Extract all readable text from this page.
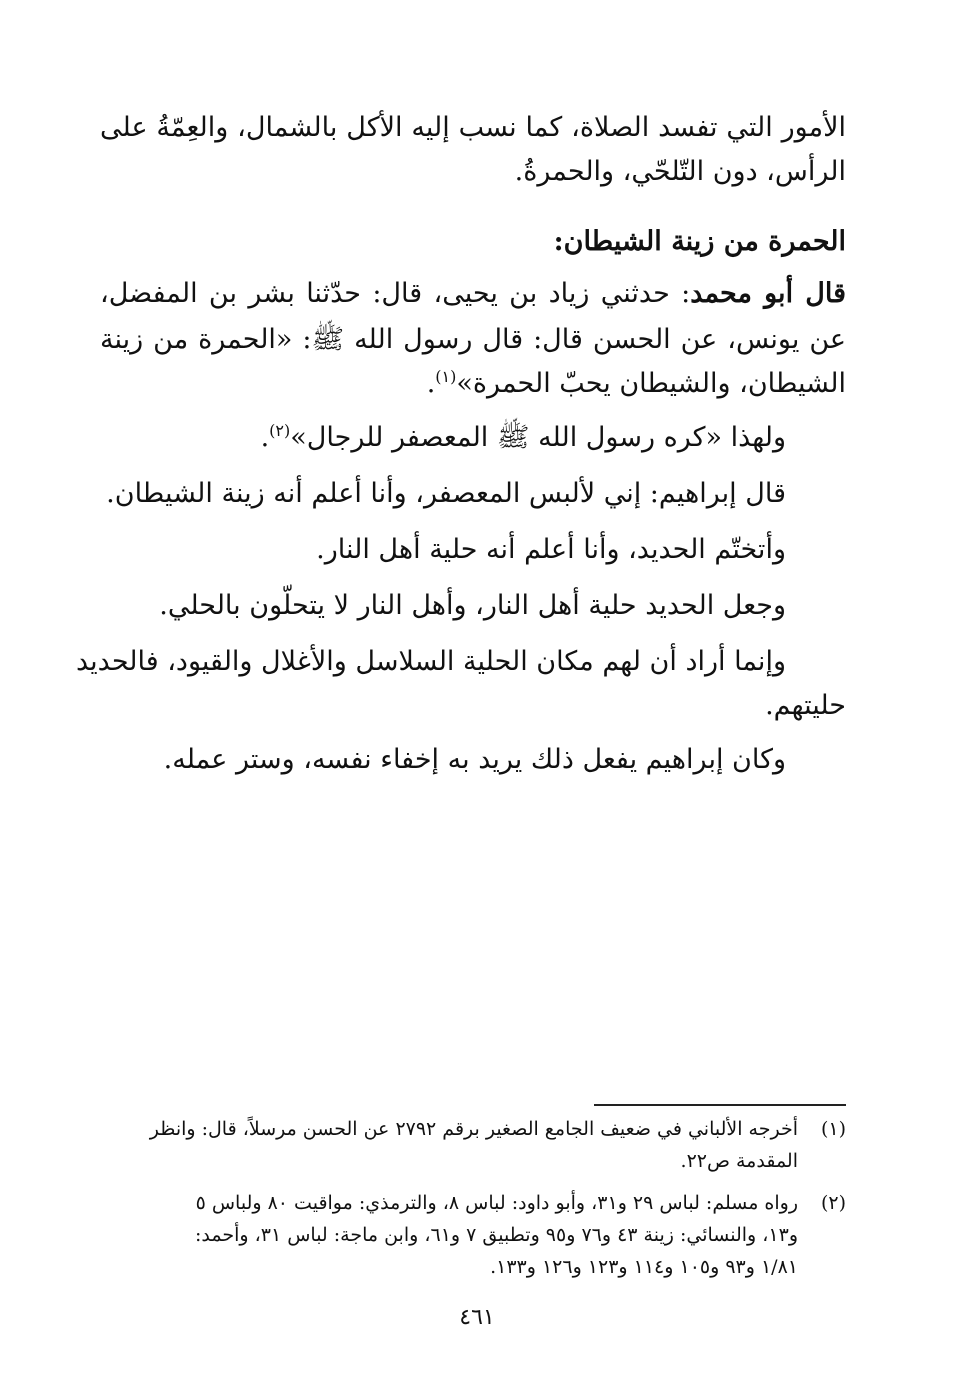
الأمور التي تفسد الصلاة، كما نسب إليه الأكل بالشمال، والعِمّةُ على
الرأس، دون التّلحّي، والحمرةُ.
الحمرة من زينة الشيطان:
قال أبو محمد: حدثني زياد بن يحيى، قال: حدّثنا بشر بن المفضل،
عن يونس، عن الحسن قال: قال رسول الله ﷺ: «الحمرة من زينة
الشيطان، والشيطان يحبّ الحمرة»$^{(١)}$.
ولهذا «كره رسول الله ﷺ المعصفر للرجال»$^{(٢)}$.
قال إبراهيم: إني لألبس المعصفر، وأنا أعلم أنه زينة الشيطان.
وأتختّم الحديد، وأنا أعلم أنه حلية أهل النار.
وجعل الحديد حلية أهل النار، وأهل النار لا يتحلّون بالحلي.
وإنما أراد أن لهم مكان الحلية السلاسل والأغلال والقيود، فالحديد
حليتهم.
وكان إبراهيم يفعل ذلك يريد به إخفاء نفسه، وستر عمله.
(١)
أخرجه الألباني في ضعيف الجامع الصغير برقم ٢٧٩٢ عن الحسن مرسلاً، قال: وانظر
المقدمة ص٢٢.
(٢)
رواه مسلم: لباس ٢٩ و٣١، وأبو داود: لباس ٨، والترمذي: مواقيت ٨٠ ولباس ٥
و١٣، والنسائي: زينة ٤٣ و٧٦ و٩٥ وتطبيق ٧ و٦١، وابن ماجة: لباس ٣١، وأحمد:
١/٨١ و٩٣ و١٠٥ و١١٤ و١٢٣ و١٢٦ و١٣٣.
٤٦١
